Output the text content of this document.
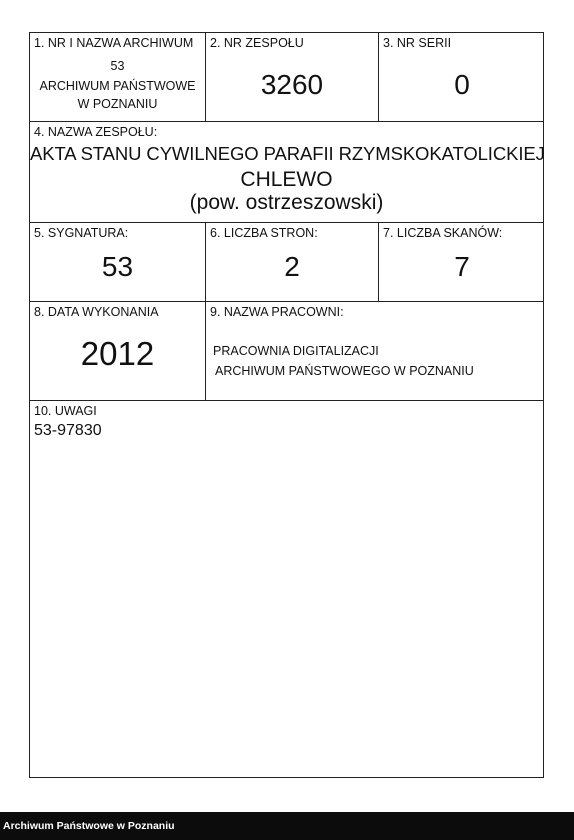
1. NR I NAZWA ARCHIWUM
53
ARCHIWUM PAŃSTWOWE
W POZNANIU
2. NR ZESPOŁU
3260
3. NR SERII
0
4. NAZWA ZESPOŁU:
AKTA STANU CYWILNEGO PARAFII RZYMSKOKATOLICKIEJ
CHLEWO
(pow. ostrzeszowski)
5. SYGNATURA:
53
6. LICZBA STRON:
2
7. LICZBA SKANÓW:
7
8. DATA WYKONANIA
2012
9. NAZWA PRACOWNI:
PRACOWNIA DIGITALIZACJI
ARCHIWUM PAŃSTWOWEGO W POZNANIU
10. UWAGI
53-97830
Archiwum Państwowe w Poznaniu
